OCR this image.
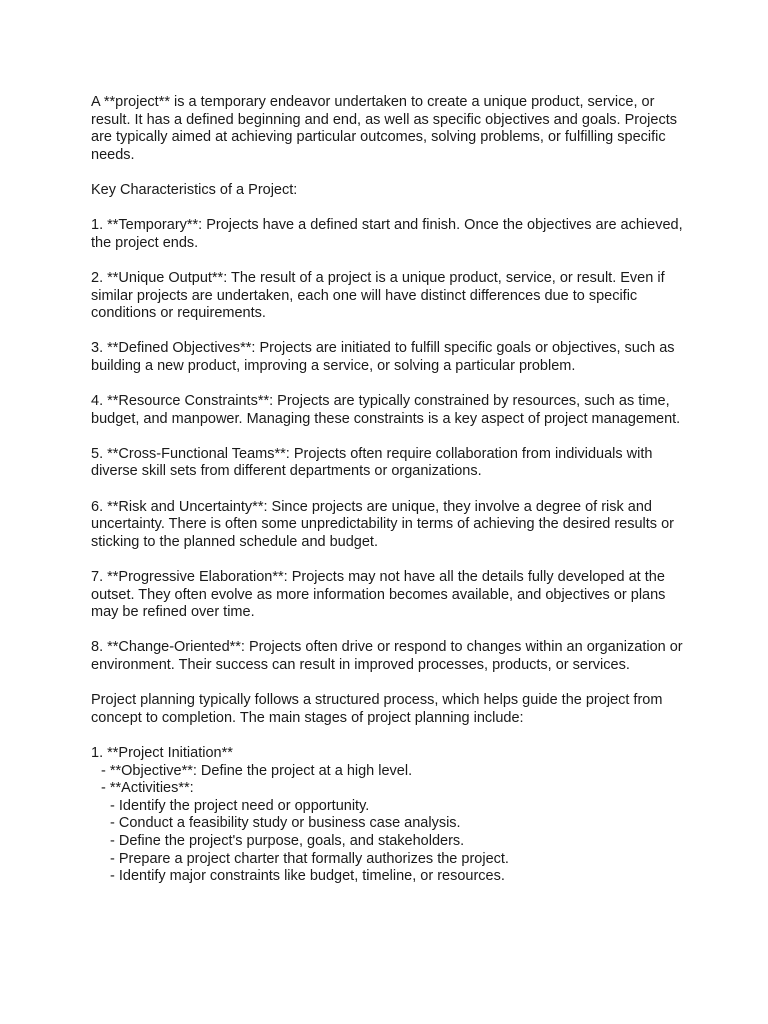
A **project** is a temporary endeavor undertaken to create a unique product, service, or result. It has a defined beginning and end, as well as specific objectives and goals. Projects are typically aimed at achieving particular outcomes, solving problems, or fulfilling specific needs.

Key Characteristics of a Project:

1. **Temporary**: Projects have a defined start and finish. Once the objectives are achieved, the project ends.

2. **Unique Output**: The result of a project is a unique product, service, or result. Even if similar projects are undertaken, each one will have distinct differences due to specific conditions or requirements.

3. **Defined Objectives**: Projects are initiated to fulfill specific goals or objectives, such as building a new product, improving a service, or solving a particular problem.

4. **Resource Constraints**: Projects are typically constrained by resources, such as time, budget, and manpower. Managing these constraints is a key aspect of project management.

5. **Cross-Functional Teams**: Projects often require collaboration from individuals with diverse skill sets from different departments or organizations.

6. **Risk and Uncertainty**: Since projects are unique, they involve a degree of risk and uncertainty. There is often some unpredictability in terms of achieving the desired results or sticking to the planned schedule and budget.

7. **Progressive Elaboration**: Projects may not have all the details fully developed at the outset. They often evolve as more information becomes available, and objectives or plans may be refined over time.

8. **Change-Oriented**: Projects often drive or respond to changes within an organization or environment. Their success can result in improved processes, products, or services.

Project planning typically follows a structured process, which helps guide the project from concept to completion. The main stages of project planning include:

1. **Project Initiation**
- **Objective**: Define the project at a high level.
- **Activities**:
- Identify the project need or opportunity.
- Conduct a feasibility study or business case analysis.
- Define the project's purpose, goals, and stakeholders.
- Prepare a project charter that formally authorizes the project.
- Identify major constraints like budget, timeline, or resources.
